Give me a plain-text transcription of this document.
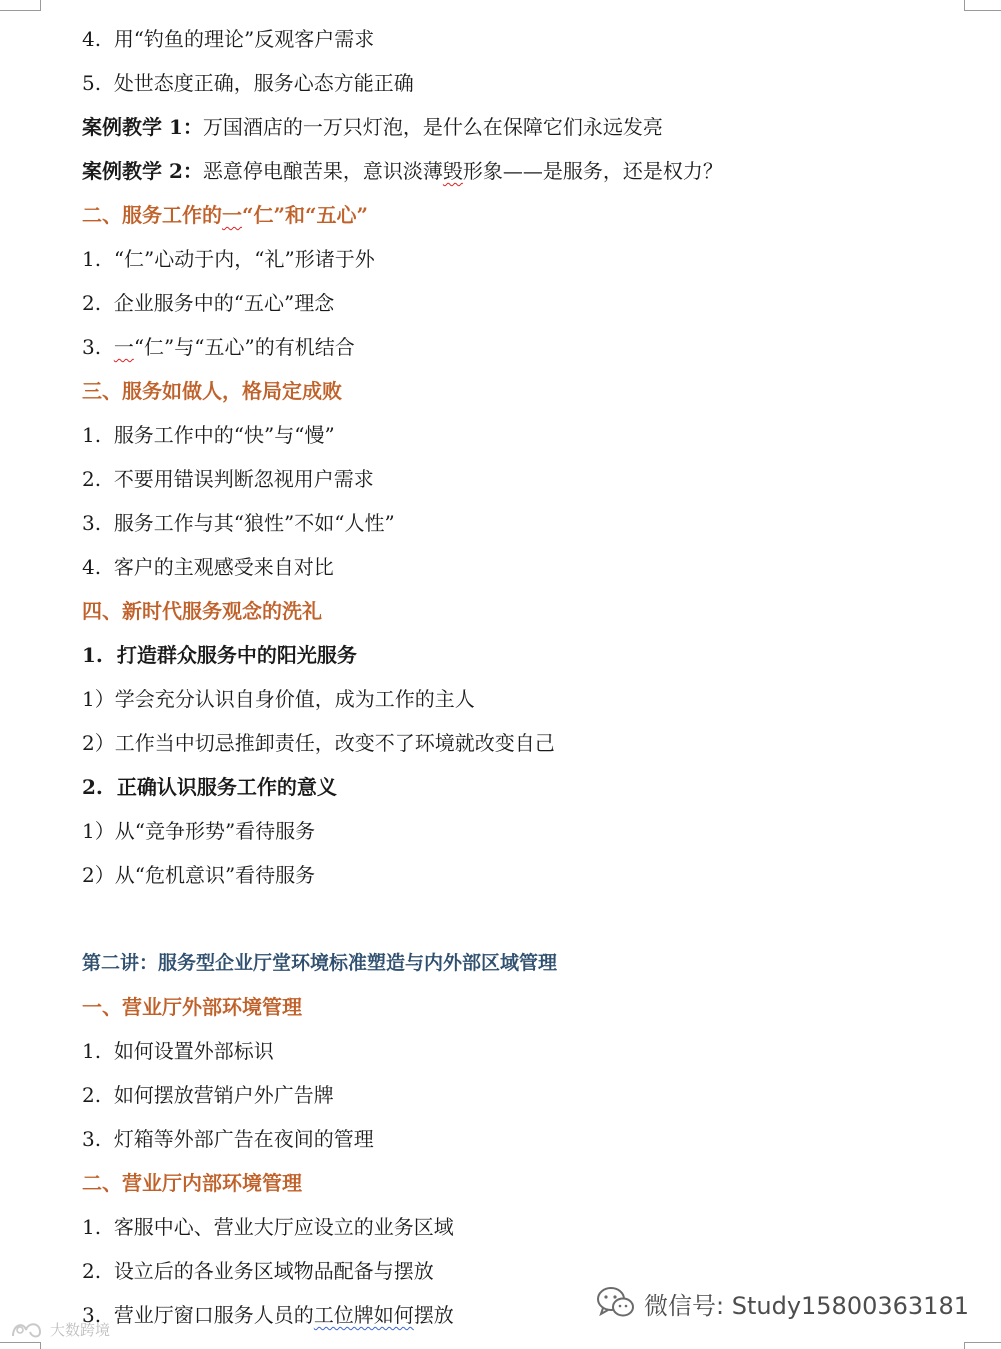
4. 用“钓鱼的理论”反观客户需求
5. 处世态度正确，服务心态方能正确
案例教学 1：万国酒店的一万只灯泡，是什么在保障它们永远发亮
案例教学 2：恶意停电酿苦果，意识淡薄毁形象——是服务，还是权力？
二、服务工作的一“仁”和“五心”
1. “仁”心动于内，“礼”形诸于外
2. 企业服务中的“五心”理念
3. 一“仁”与“五心”的有机结合
三、服务如做人，格局定成败
1. 服务工作中的“快”与“慢”
2. 不要用错误判断忽视用户需求
3. 服务工作与其“狼性”不如“人性”
4. 客户的主观感受来自对比
四、新时代服务观念的洗礼
1. 打造群众服务中的阳光服务
1）学会充分认识自身价值，成为工作的主人
2）工作当中切忌推卸责任，改变不了环境就改变自己
2. 正确认识服务工作的意义
1）从“竞争形势”看待服务
2）从“危机意识”看待服务
第二讲：服务型企业厅堂环境标准塑造与内外部区域管理
一、营业厅外部环境管理
1. 如何设置外部标识
2. 如何摆放营销户外广告牌
3. 灯箱等外部广告在夜间的管理
二、营业厅内部环境管理
1. 客服中心、营业大厅应设立的业务区域
2. 设立后的各业务区域物品配备与摆放
3. 营业厅窗口服务人员的工位牌如何摆放	微信号: Study15800363181
大数跨境
